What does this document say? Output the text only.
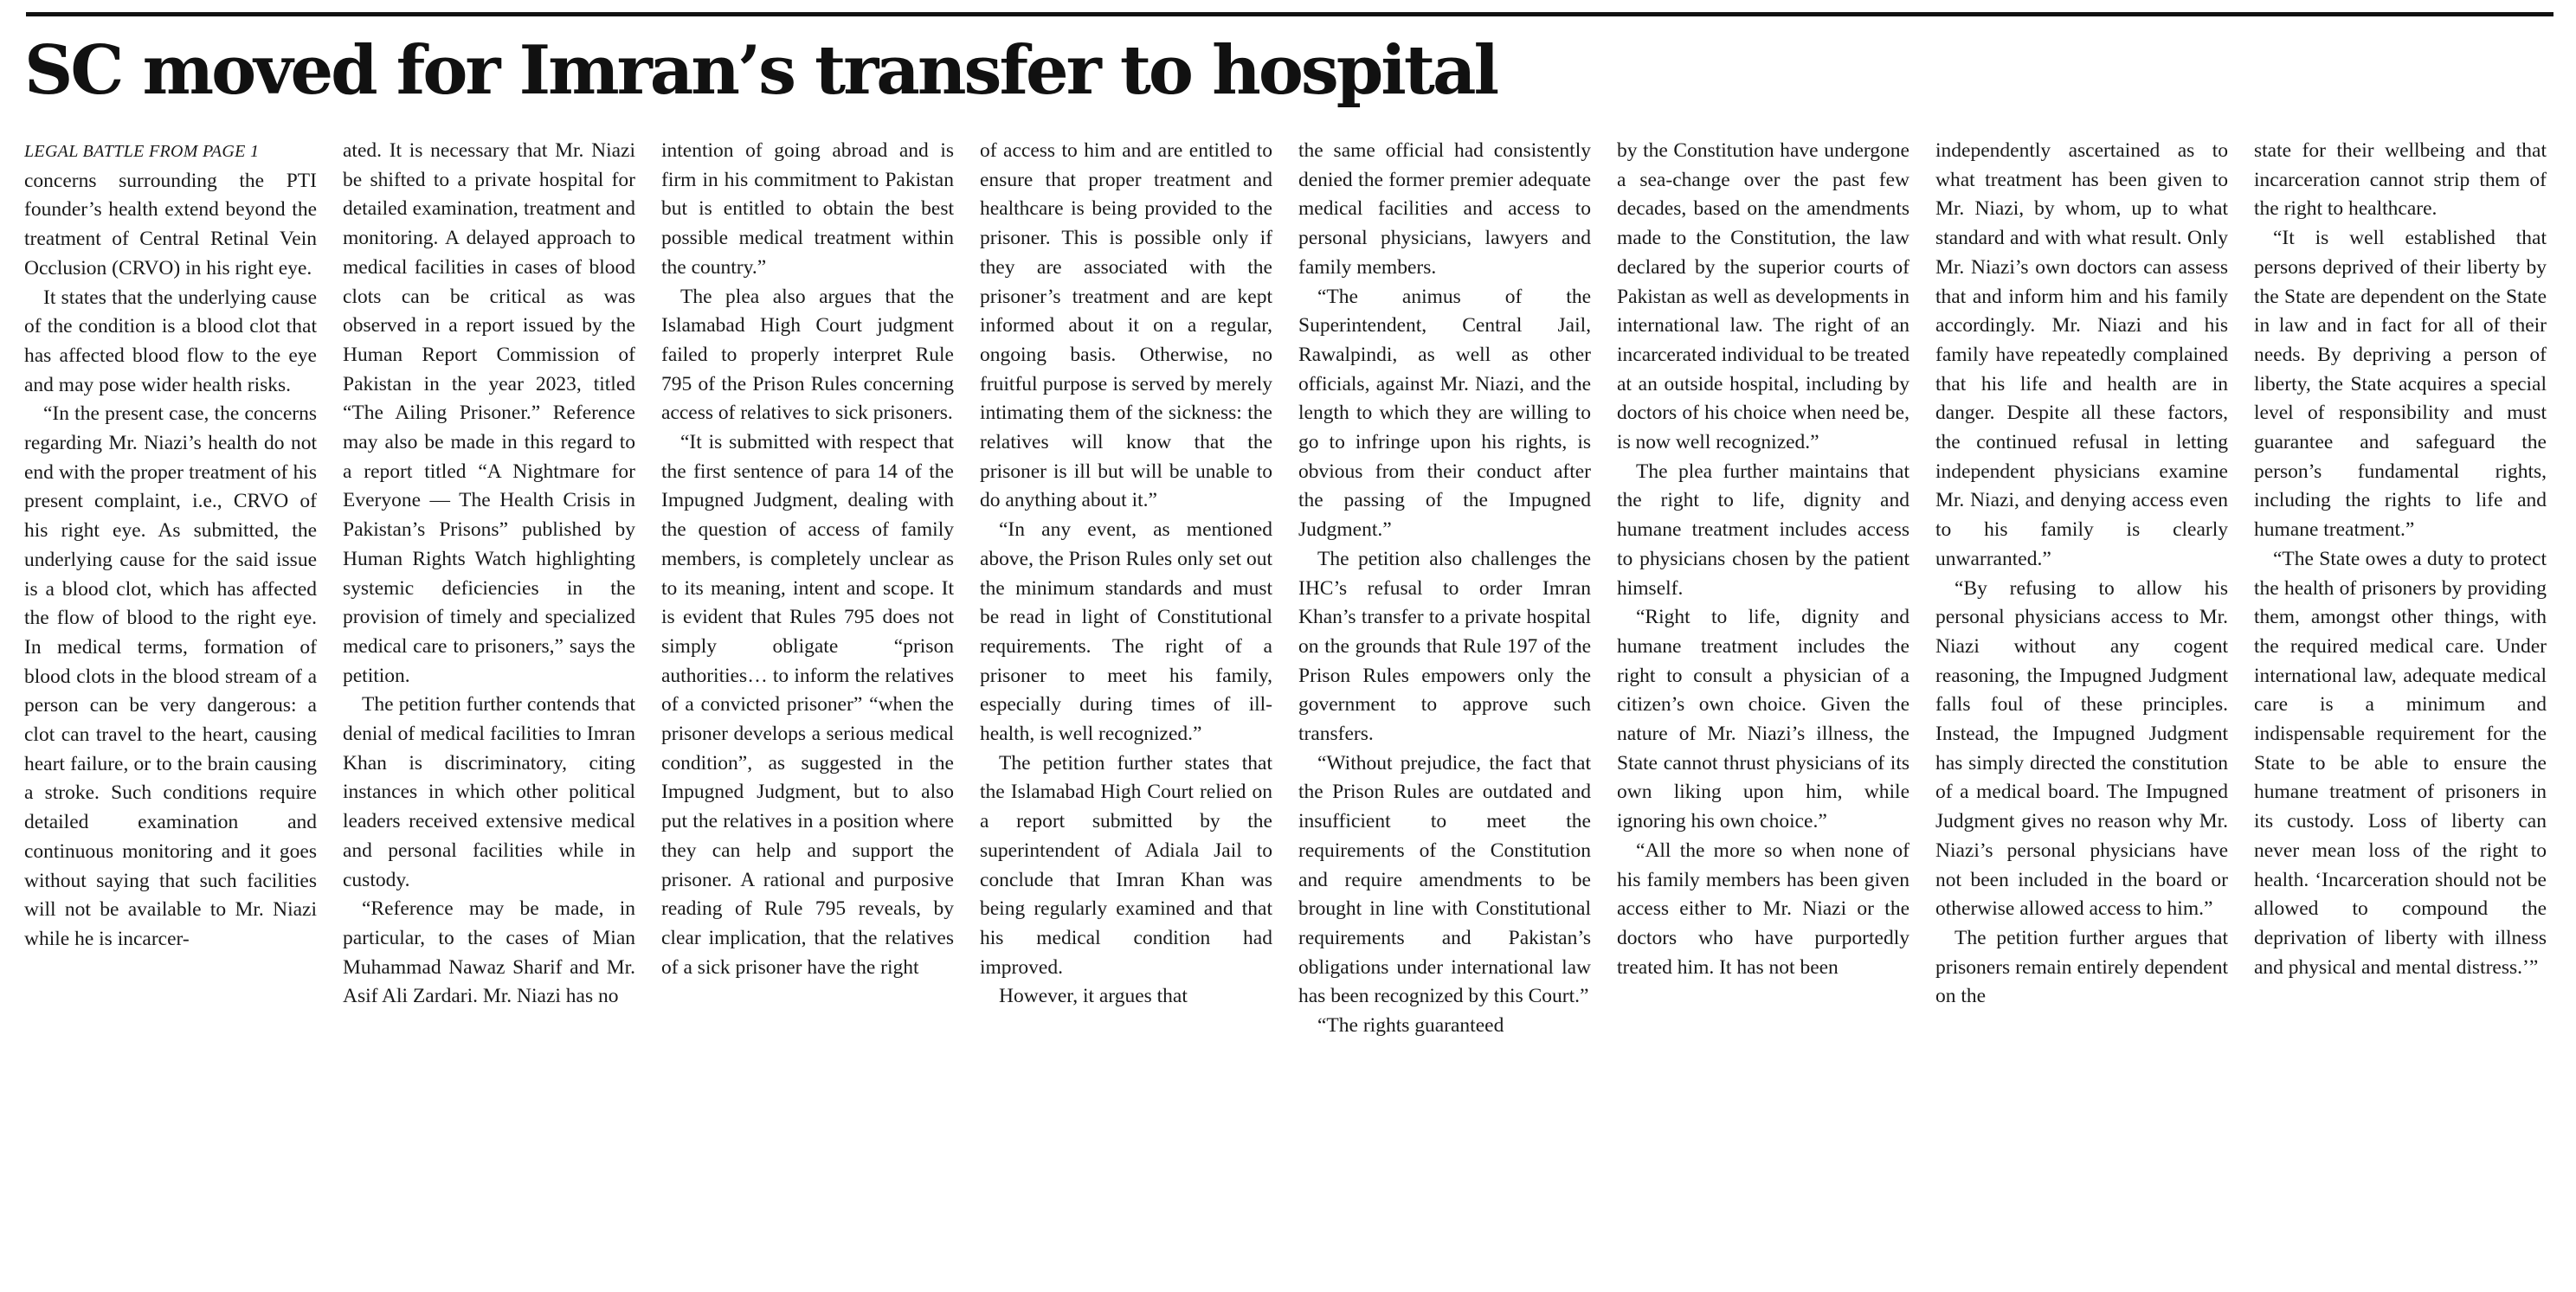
SC moved for Imran’s transfer to hospital

LEGAL BATTLE FROM PAGE 1
concerns surrounding the PTI founder’s health extend beyond the treatment of Central Retinal Vein Occlusion (CRVO) in his right eye.

It states that the underlying cause of the condition is a blood clot that has affected blood flow to the eye and may pose wider health risks.

“In the present case, the concerns regarding Mr. Niazi’s health do not end with the proper treatment of his present complaint, i.e., CRVO of his right eye. As submitted, the underlying cause for the said issue is a blood clot, which has affected the flow of blood to the right eye. In medical terms, formation of blood clots in the blood stream of a person can be very dangerous: a clot can travel to the heart, causing heart failure, or to the brain causing a stroke. Such conditions require detailed examination and continuous monitoring and it goes without saying that such facilities will not be available to Mr. Niazi while he is incarcer-

ated. It is necessary that Mr. Niazi be shifted to a private hospital for detailed examination, treatment and monitoring. A delayed approach to medical facilities in cases of blood clots can be critical as was observed in a report issued by the Human Report Commission of Pakistan in the year 2023, titled “The Ailing Prisoner.” Reference may also be made in this regard to a report titled “A Nightmare for Everyone — The Health Crisis in Pakistan’s Prisons” published by Human Rights Watch highlighting systemic deficiencies in the provision of timely and specialized medical care to prisoners,” says the petition.

The petition further contends that denial of medical facilities to Imran Khan is discriminatory, citing instances in which other political leaders received extensive medical and personal facilities while in custody.

“Reference may be made, in particular, to the cases of Mian Muhammad Nawaz Sharif and Mr. Asif Ali Zardari. Mr. Niazi has no

intention of going abroad and is firm in his commitment to Pakistan but is entitled to obtain the best possible medical treatment within the country.”

The plea also argues that the Islamabad High Court judgment failed to properly interpret Rule 795 of the Prison Rules concerning access of relatives to sick prisoners.

“It is submitted with respect that the first sentence of para 14 of the Impugned Judgment, dealing with the question of access of family members, is completely unclear as to its meaning, intent and scope. It is evident that Rules 795 does not simply obligate “prison authorities… to inform the relatives of a convicted prisoner” “when the prisoner develops a serious medical condition”, as suggested in the Impugned Judgment, but to also put the relatives in a position where they can help and support the prisoner. A rational and purposive reading of Rule 795 reveals, by clear implication, that the relatives of a sick prisoner have the right

of access to him and are entitled to ensure that proper treatment and healthcare is being provided to the prisoner. This is possible only if they are associated with the prisoner’s treatment and are kept informed about it on a regular, ongoing basis. Otherwise, no fruitful purpose is served by merely intimating them of the sickness: the relatives will know that the prisoner is ill but will be unable to do anything about it.”

“In any event, as mentioned above, the Prison Rules only set out the minimum standards and must be read in light of Constitutional requirements. The right of a prisoner to meet his family, especially during times of ill-health, is well recognized.”

The petition further states that the Islamabad High Court relied on a report submitted by the superintendent of Adiala Jail to conclude that Imran Khan was being regularly examined and that his medical condition had improved.

However, it argues that

the same official had consistently denied the former premier adequate medical facilities and access to personal physicians, lawyers and family members.

“The animus of the Superintendent, Central Jail, Rawalpindi, as well as other officials, against Mr. Niazi, and the length to which they are willing to go to infringe upon his rights, is obvious from their conduct after the passing of the Impugned Judgment.”

The petition also challenges the IHC’s refusal to order Imran Khan’s transfer to a private hospital on the grounds that Rule 197 of the Prison Rules empowers only the government to approve such transfers.

“Without prejudice, the fact that the Prison Rules are outdated and insufficient to meet the requirements of the Constitution and require amendments to be brought in line with Constitutional requirements and Pakistan’s obligations under international law has been recognized by this Court.”

“The rights guaranteed

by the Constitution have undergone a sea-change over the past few decades, based on the amendments made to the Constitution, the law declared by the superior courts of Pakistan as well as developments in international law. The right of an incarcerated individual to be treated at an outside hospital, including by doctors of his choice when need be, is now well recognized.”

The plea further maintains that the right to life, dignity and humane treatment includes access to physicians chosen by the patient himself.

“Right to life, dignity and humane treatment includes the right to consult a physician of a citizen’s own choice. Given the nature of Mr. Niazi’s illness, the State cannot thrust physicians of its own liking upon him, while ignoring his own choice.”

“All the more so when none of his family members has been given access either to Mr. Niazi or the doctors who have purportedly treated him. It has not been

independently ascertained as to what treatment has been given to Mr. Niazi, by whom, up to what standard and with what result. Only Mr. Niazi’s own doctors can assess that and inform him and his family accordingly. Mr. Niazi and his family have repeatedly complained that his life and health are in danger. Despite all these factors, the continued refusal in letting independent physicians examine Mr. Niazi, and denying access even to his family is clearly unwarranted.”

“By refusing to allow his personal physicians access to Mr. Niazi without any cogent reasoning, the Impugned Judgment falls foul of these principles. Instead, the Impugned Judgment has simply directed the constitution of a medical board. The Impugned Judgment gives no reason why Mr. Niazi’s personal physicians have not been included in the board or otherwise allowed access to him.”

The petition further argues that prisoners remain entirely dependent on the

state for their wellbeing and that incarceration cannot strip them of the right to healthcare.

“It is well established that persons deprived of their liberty by the State are dependent on the State in law and in fact for all of their needs. By depriving a person of liberty, the State acquires a special level of responsibility and must guarantee and safeguard the person’s fundamental rights, including the rights to life and humane treatment.”

“The State owes a duty to protect the health of prisoners by providing them, amongst other things, with the required medical care. Under international law, adequate medical care is a minimum and indispensable requirement for the State to be able to ensure the humane treatment of prisoners in its custody. Loss of liberty can never mean loss of the right to health. ‘Incarceration should not be allowed to compound the deprivation of liberty with illness and physical and mental distress.’”
